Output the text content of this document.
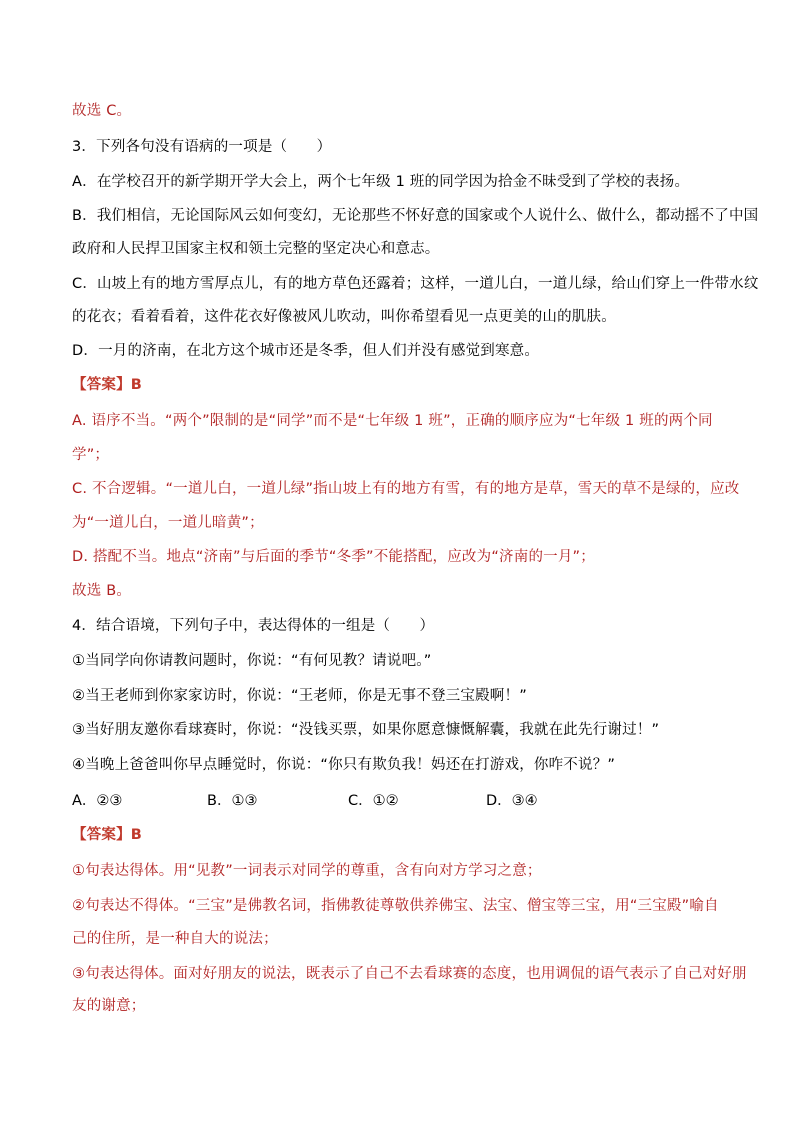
故选 C。
3．下列各句没有语病的一项是（　　）
A．在学校召开的新学期开学大会上，两个七年级 1 班的同学因为拾金不昧受到了学校的表扬。
B．我们相信，无论国际风云如何变幻，无论那些不怀好意的国家或个人说什么、做什么，都动摇不了中国
政府和人民捍卫国家主权和领土完整的坚定决心和意志。
C．山坡上有的地方雪厚点儿，有的地方草色还露着；这样，一道儿白，一道儿绿，给山们穿上一件带水纹
的花衣；看着看着，这件花衣好像被风儿吹动，叫你希望看见一点更美的山的肌肤。
D．一月的济南，在北方这个城市还是冬季，但人们并没有感觉到寒意。
【答案】B
A. 语序不当。“两个”限制的是“同学”而不是“七年级 1 班”，正确的顺序应为“七年级 1 班的两个同
学”；
C. 不合逻辑。“一道儿白，一道儿绿”指山坡上有的地方有雪，有的地方是草，雪天的草不是绿的，应改
为“一道儿白，一道儿暗黄”；
D. 搭配不当。地点“济南”与后面的季节“冬季”不能搭配，应改为“济南的一月”；
故选 B。
4．结合语境，下列句子中，表达得体的一组是（　　）
①当同学向你请教问题时，你说：“有何见教？请说吧。”
②当王老师到你家家访时，你说：“王老师，你是无事不登三宝殿啊！”
③当好朋友邀你看球赛时，你说：“没钱买票，如果你愿意慷慨解囊，我就在此先行谢过！”
④当晚上爸爸叫你早点睡觉时，你说：“你只有欺负我！妈还在打游戏，你咋不说？”
A．②③	B．①③	C．①②	D．③④
【答案】B
①句表达得体。用“见教”一词表示对同学的尊重，含有向对方学习之意；
②句表达不得体。“三宝”是佛教名词，指佛教徒尊敬供养佛宝、法宝、僧宝等三宝，用“三宝殿”喻自
己的住所，是一种自大的说法；
③句表达得体。面对好朋友的说法，既表示了自己不去看球赛的态度，也用调侃的语气表示了自己对好朋
友的谢意；
